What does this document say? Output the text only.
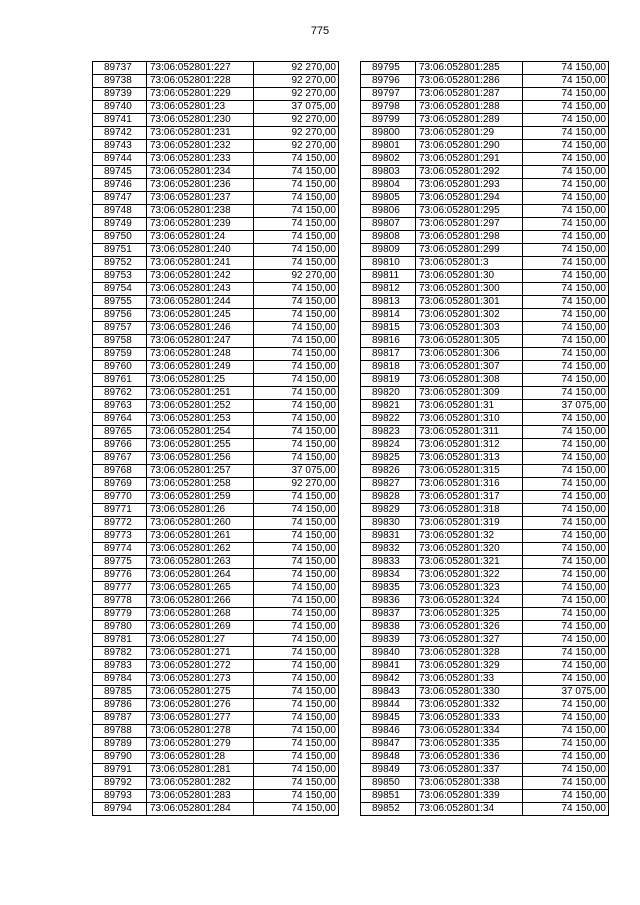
775
89737	73:06:052801:227	92 270,00
89738	73:06:052801:228	92 270,00
89739	73:06:052801:229	92 270,00
89740	73:06:052801:23	37 075,00
89741	73:06:052801:230	92 270,00
89742	73:06:052801:231	92 270,00
89743	73:06:052801:232	92 270,00
89744	73:06:052801:233	74 150,00
89745	73:06:052801:234	74 150,00
89746	73:06:052801:236	74 150,00
89747	73:06:052801:237	74 150,00
89748	73:06:052801:238	74 150,00
89749	73:06:052801:239	74 150,00
89750	73:06:052801:24	74 150,00
89751	73:06:052801:240	74 150,00
89752	73:06:052801:241	74 150,00
89753	73:06:052801:242	92 270,00
89754	73:06:052801:243	74 150,00
89755	73:06:052801:244	74 150,00
89756	73:06:052801:245	74 150,00
89757	73:06:052801:246	74 150,00
89758	73:06:052801:247	74 150,00
89759	73:06:052801:248	74 150,00
89760	73:06:052801:249	74 150,00
89761	73:06:052801:25	74 150,00
89762	73:06:052801:251	74 150,00
89763	73:06:052801:252	74 150,00
89764	73:06:052801:253	74 150,00
89765	73:06:052801:254	74 150,00
89766	73:06:052801:255	74 150,00
89767	73:06:052801:256	74 150,00
89768	73:06:052801:257	37 075,00
89769	73:06:052801:258	92 270,00
89770	73:06:052801:259	74 150,00
89771	73:06:052801:26	74 150,00
89772	73:06:052801:260	74 150,00
89773	73:06:052801:261	74 150,00
89774	73:06:052801:262	74 150,00
89775	73:06:052801:263	74 150,00
89776	73:06:052801:264	74 150,00
89777	73:06:052801:265	74 150,00
89778	73:06:052801:266	74 150,00
89779	73:06:052801:268	74 150,00
89780	73:06:052801:269	74 150,00
89781	73:06:052801:27	74 150,00
89782	73:06:052801:271	74 150,00
89783	73:06:052801:272	74 150,00
89784	73:06:052801:273	74 150,00
89785	73:06:052801:275	74 150,00
89786	73:06:052801:276	74 150,00
89787	73:06:052801:277	74 150,00
89788	73:06:052801:278	74 150,00
89789	73:06:052801:279	74 150,00
89790	73:06:052801:28	74 150,00
89791	73:06:052801:281	74 150,00
89792	73:06:052801:282	74 150,00
89793	73:06:052801:283	74 150,00
89794	73:06:052801:284	74 150,00
89795	73:06:052801:285	74 150,00
89796	73:06:052801:286	74 150,00
89797	73:06:052801:287	74 150,00
89798	73:06:052801:288	74 150,00
89799	73:06:052801:289	74 150,00
89800	73:06:052801:29	74 150,00
89801	73:06:052801:290	74 150,00
89802	73:06:052801:291	74 150,00
89803	73:06:052801:292	74 150,00
89804	73:06:052801:293	74 150,00
89805	73:06:052801:294	74 150,00
89806	73:06:052801:295	74 150,00
89807	73:06:052801:297	74 150,00
89808	73:06:052801:298	74 150,00
89809	73:06:052801:299	74 150,00
89810	73:06:052801:3	74 150,00
89811	73:06:052801:30	74 150,00
89812	73:06:052801:300	74 150,00
89813	73:06:052801:301	74 150,00
89814	73:06:052801:302	74 150,00
89815	73:06:052801:303	74 150,00
89816	73:06:052801:305	74 150,00
89817	73:06:052801:306	74 150,00
89818	73:06:052801:307	74 150,00
89819	73:06:052801:308	74 150,00
89820	73:06:052801:309	74 150,00
89821	73:06:052801:31	37 075,00
89822	73:06:052801:310	74 150,00
89823	73:06:052801:311	74 150,00
89824	73:06:052801:312	74 150,00
89825	73:06:052801:313	74 150,00
89826	73:06:052801:315	74 150,00
89827	73:06:052801:316	74 150,00
89828	73:06:052801:317	74 150,00
89829	73:06:052801:318	74 150,00
89830	73:06:052801:319	74 150,00
89831	73:06:052801:32	74 150,00
89832	73:06:052801:320	74 150,00
89833	73:06:052801:321	74 150,00
89834	73:06:052801:322	74 150,00
89835	73:06:052801:323	74 150,00
89836	73:06:052801:324	74 150,00
89837	73:06:052801:325	74 150,00
89838	73:06:052801:326	74 150,00
89839	73:06:052801:327	74 150,00
89840	73:06:052801:328	74 150,00
89841	73:06:052801:329	74 150,00
89842	73:06:052801:33	74 150,00
89843	73:06:052801:330	37 075,00
89844	73:06:052801:332	74 150,00
89845	73:06:052801:333	74 150,00
89846	73:06:052801:334	74 150,00
89847	73:06:052801:335	74 150,00
89848	73:06:052801:336	74 150,00
89849	73:06:052801:337	74 150,00
89850	73:06:052801:338	74 150,00
89851	73:06:052801:339	74 150,00
89852	73:06:052801:34	74 150,00
